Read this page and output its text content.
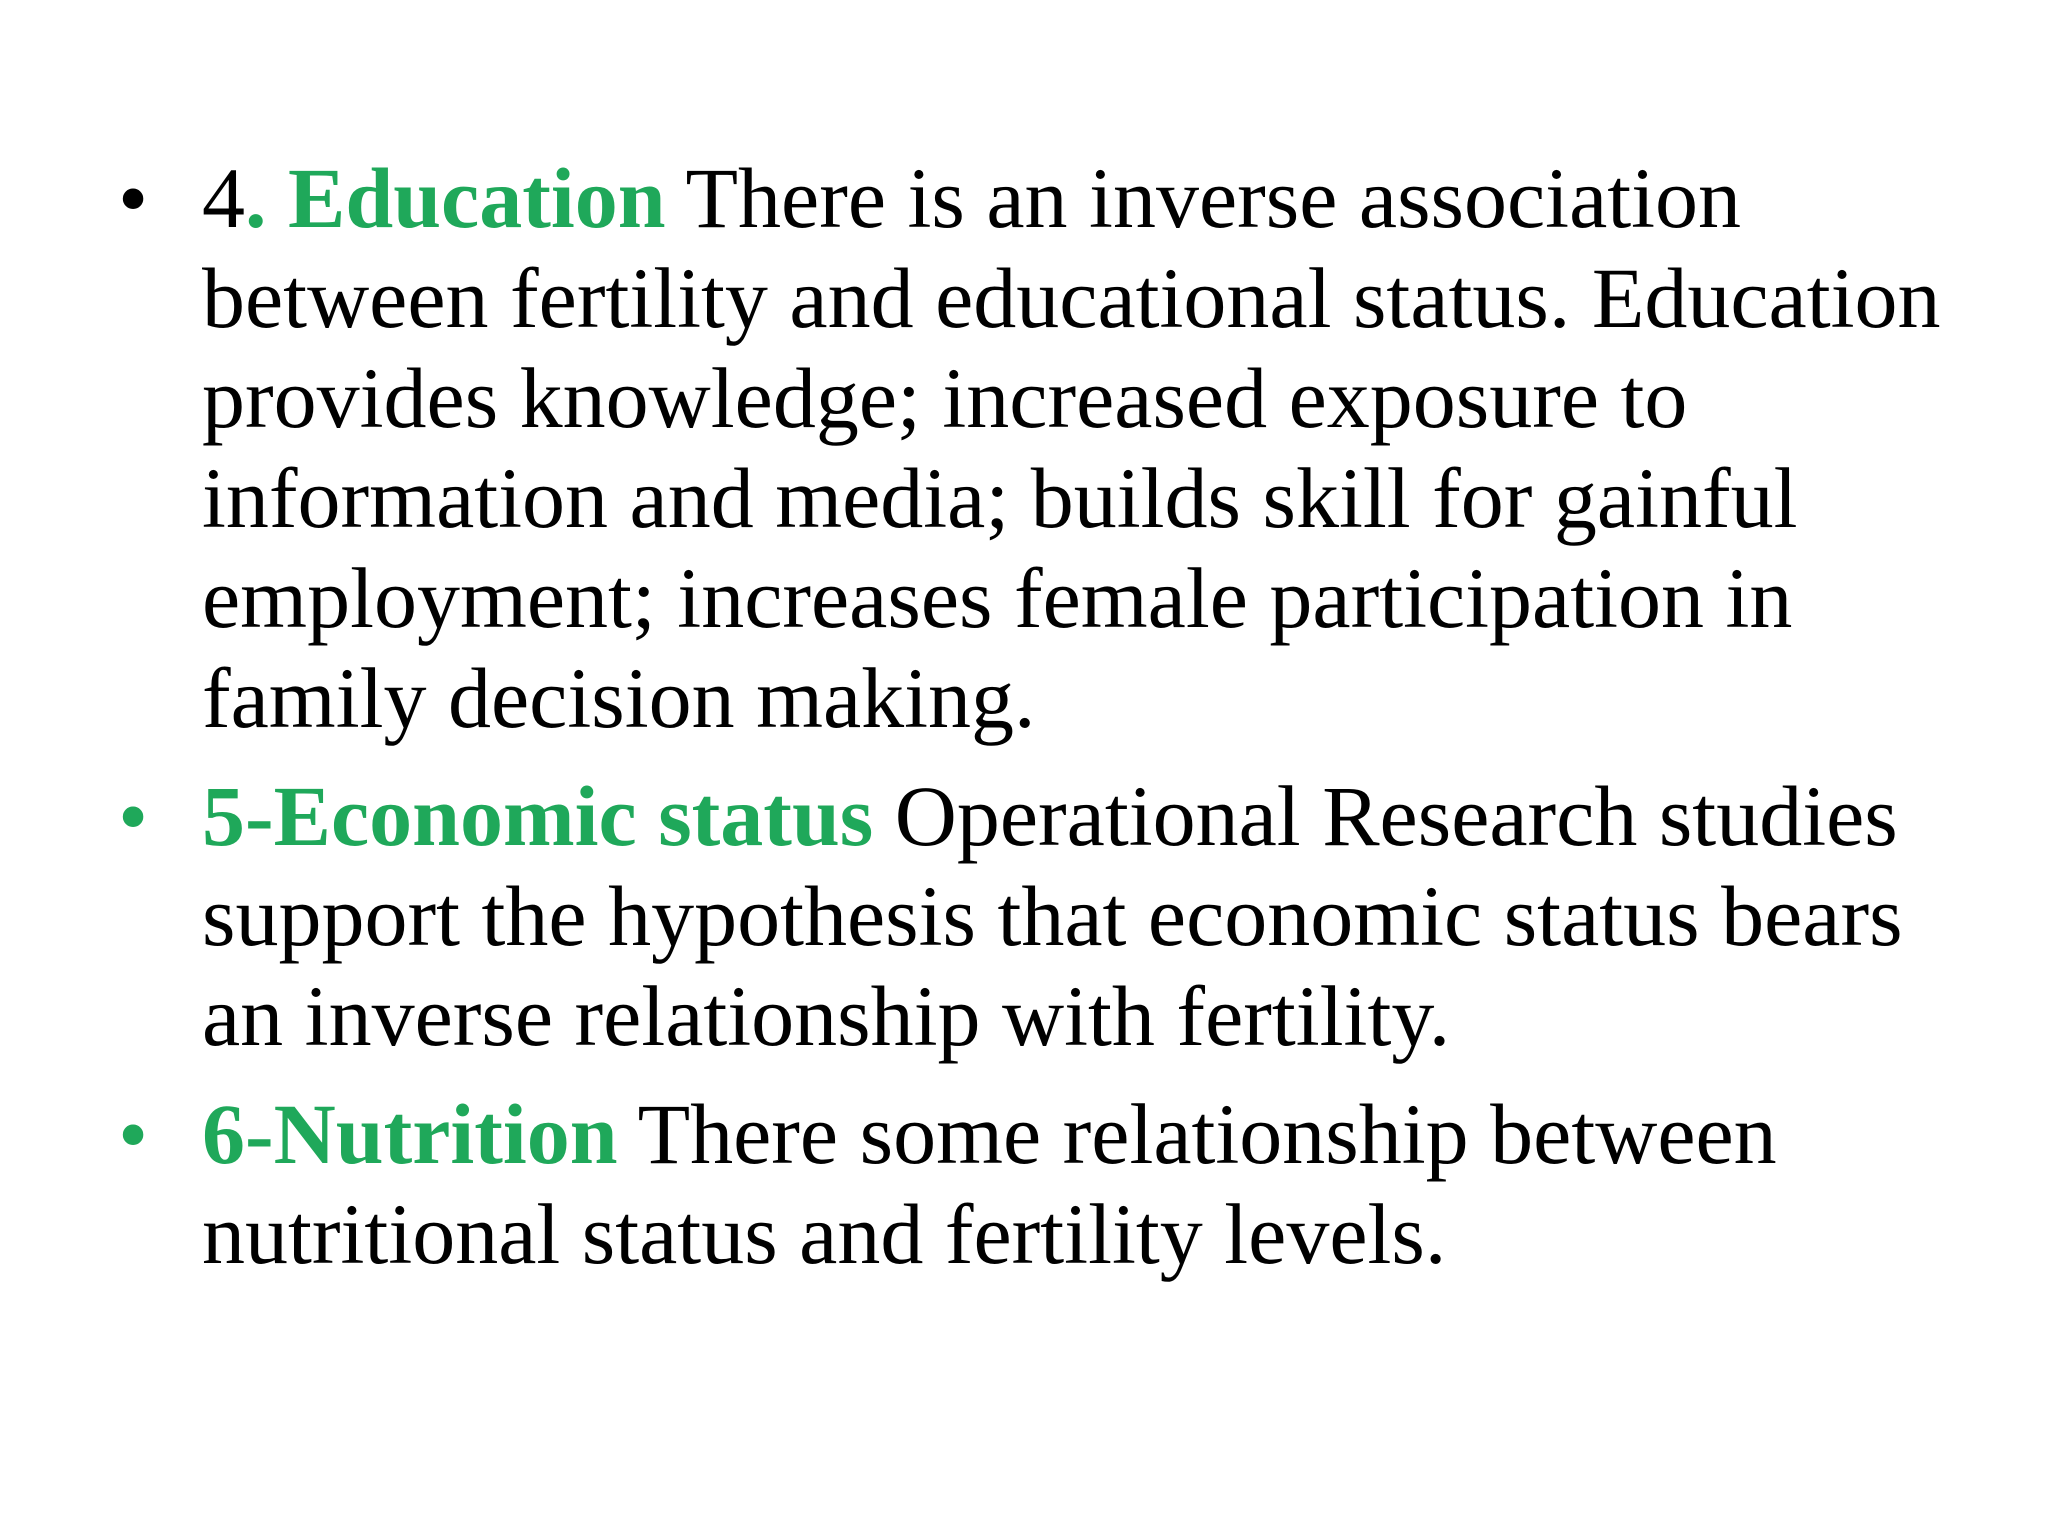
• 4. Education There is an inverse association between fertility and educational status. Education provides knowledge; increased exposure to information and media; builds skill for gainful employment; increases female participation in family decision making.
• 5-Economic status Operational Research studies support the hypothesis that economic status bears an inverse relationship with fertility.
• 6-Nutrition There some relationship between nutritional status and fertility levels.
